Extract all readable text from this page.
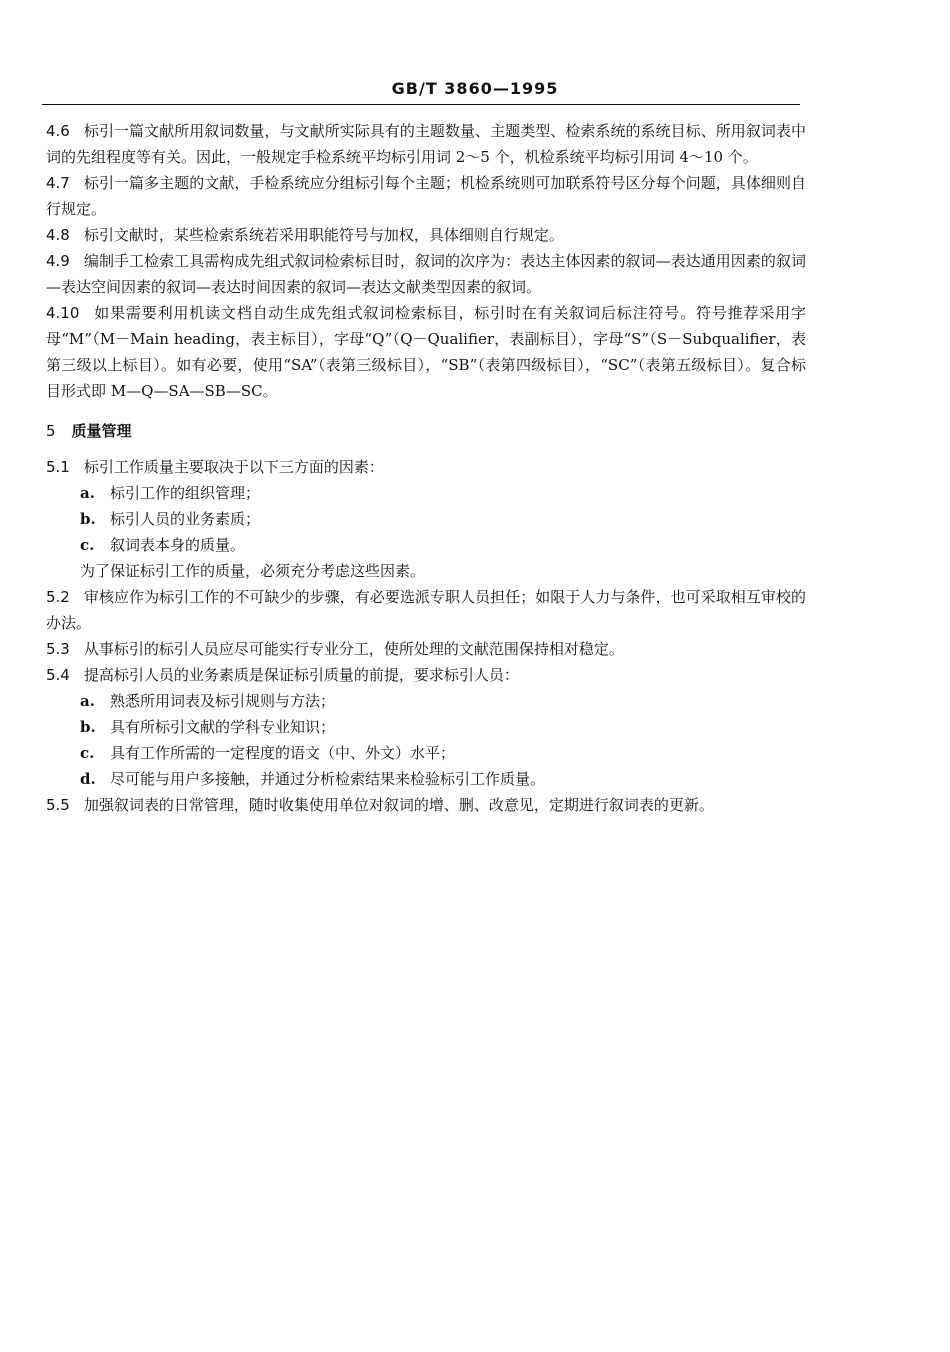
GB/T 3860—1995

4.6 标引一篇文献所用叙词数量，与文献所实际具有的主题数量、主题类型、检索系统的系统目标、所用叙词表中词的先组程度等有关。因此，一般规定手检系统平均标引用词 2～5 个，机检系统平均标引用词 4～10 个。

4.7 标引一篇多主题的文献，手检系统应分组标引每个主题；机检系统则可加联系符号区分每个问题，具体细则自行规定。

4.8 标引文献时，某些检索系统若采用职能符号与加权，具体细则自行规定。

4.9 编制手工检索工具需构成先组式叙词检索标目时，叙词的次序为：表达主体因素的叙词—表达通用因素的叙词—表达空间因素的叙词—表达时间因素的叙词—表达文献类型因素的叙词。

4.10 如果需要利用机读文档自动生成先组式叙词检索标目，标引时在有关叙词后标注符号。符号推荐采用字母“M”（M－Main heading，表主标目），字母“Q”（Q－Qualifier，表副标目），字母“S”（S－Subqualifier，表第三级以上标目）。如有必要，使用“SA”（表第三级标目），“SB”（表第四级标目），“SC”（表第五级标目）。复合标目形式即 M—Q—SA—SB—SC。

5 质量管理

5.1 标引工作质量主要取决于以下三方面的因素：

a. 标引工作的组织管理；
b. 标引人员的业务素质；
c. 叙词表本身的质量。
为了保证标引工作的质量，必须充分考虑这些因素。

5.2 审核应作为标引工作的不可缺少的步骤，有必要选派专职人员担任；如限于人力与条件，也可采取相互审校的办法。

5.3 从事标引的标引人员应尽可能实行专业分工，使所处理的文献范围保持相对稳定。

5.4 提高标引人员的业务素质是保证标引质量的前提，要求标引人员：

a. 熟悉所用词表及标引规则与方法；
b. 具有所标引文献的学科专业知识；
c. 具有工作所需的一定程度的语文（中、外文）水平；
d. 尽可能与用户多接触，并通过分析检索结果来检验标引工作质量。

5.5 加强叙词表的日常管理，随时收集使用单位对叙词的增、删、改意见，定期进行叙词表的更新。
